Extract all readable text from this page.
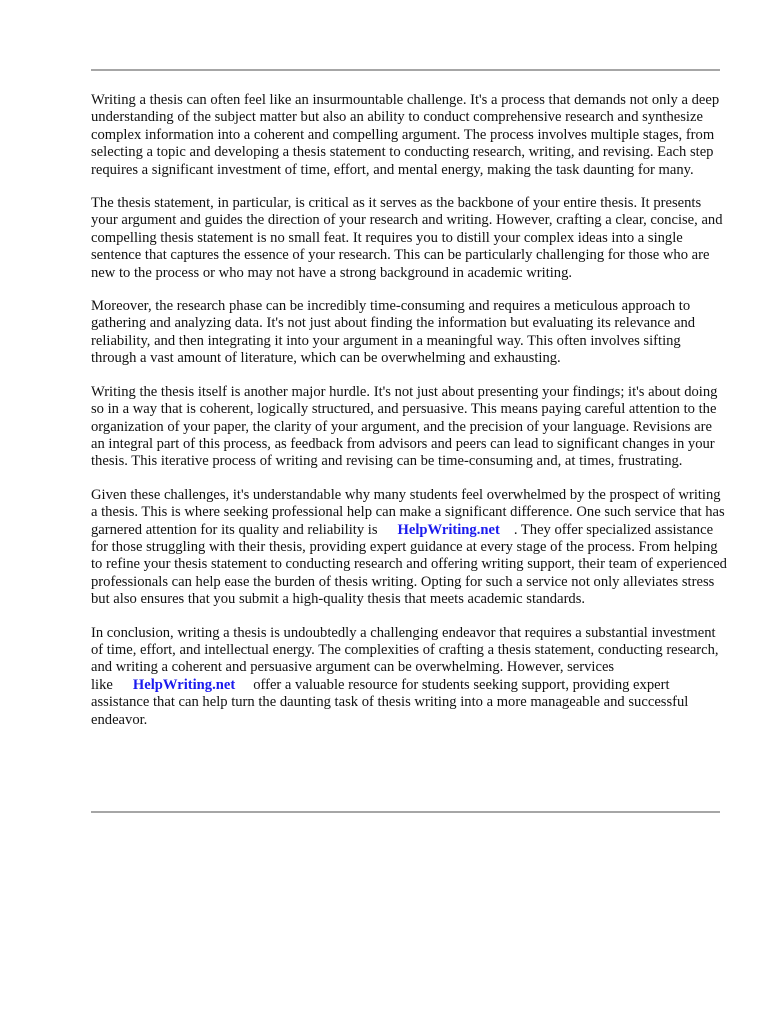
Writing a thesis can often feel like an insurmountable challenge. It's a process that demands not only a deep understanding of the subject matter but also an ability to conduct comprehensive research and synthesize complex information into a coherent and compelling argument. The process involves multiple stages, from selecting a topic and developing a thesis statement to conducting research, writing, and revising. Each step requires a significant investment of time, effort, and mental energy, making the task daunting for many.

The thesis statement, in particular, is critical as it serves as the backbone of your entire thesis. It presents your argument and guides the direction of your research and writing. However, crafting a clear, concise, and compelling thesis statement is no small feat. It requires you to distill your complex ideas into a single sentence that captures the essence of your research. This can be particularly challenging for those who are new to the process or who may not have a strong background in academic writing.

Moreover, the research phase can be incredibly time-consuming and requires a meticulous approach to gathering and analyzing data. It's not just about finding the information but evaluating its relevance and reliability, and then integrating it into your argument in a meaningful way. This often involves sifting through a vast amount of literature, which can be overwhelming and exhausting.

Writing the thesis itself is another major hurdle. It's not just about presenting your findings; it's about doing so in a way that is coherent, logically structured, and persuasive. This means paying careful attention to the organization of your paper, the clarity of your argument, and the precision of your language. Revisions are an integral part of this process, as feedback from advisors and peers can lead to significant changes in your thesis. This iterative process of writing and revising can be time-consuming and, at times, frustrating.

Given these challenges, it's understandable why many students feel overwhelmed by the prospect of writing a thesis. This is where seeking professional help can make a significant difference. One such service that has garnered attention for its quality and reliability is HelpWriting.net . They offer specialized assistance for those struggling with their thesis, providing expert guidance at every stage of the process. From helping to refine your thesis statement to conducting research and offering writing support, their team of experienced professionals can help ease the burden of thesis writing. Opting for such a service not only alleviates stress but also ensures that you submit a high-quality thesis that meets academic standards.

In conclusion, writing a thesis is undoubtedly a challenging endeavor that requires a substantial investment of time, effort, and intellectual energy. The complexities of crafting a thesis statement, conducting research, and writing a coherent and persuasive argument can be overwhelming. However, services like HelpWriting.net offer a valuable resource for students seeking support, providing expert assistance that can help turn the daunting task of thesis writing into a more manageable and successful endeavor.
